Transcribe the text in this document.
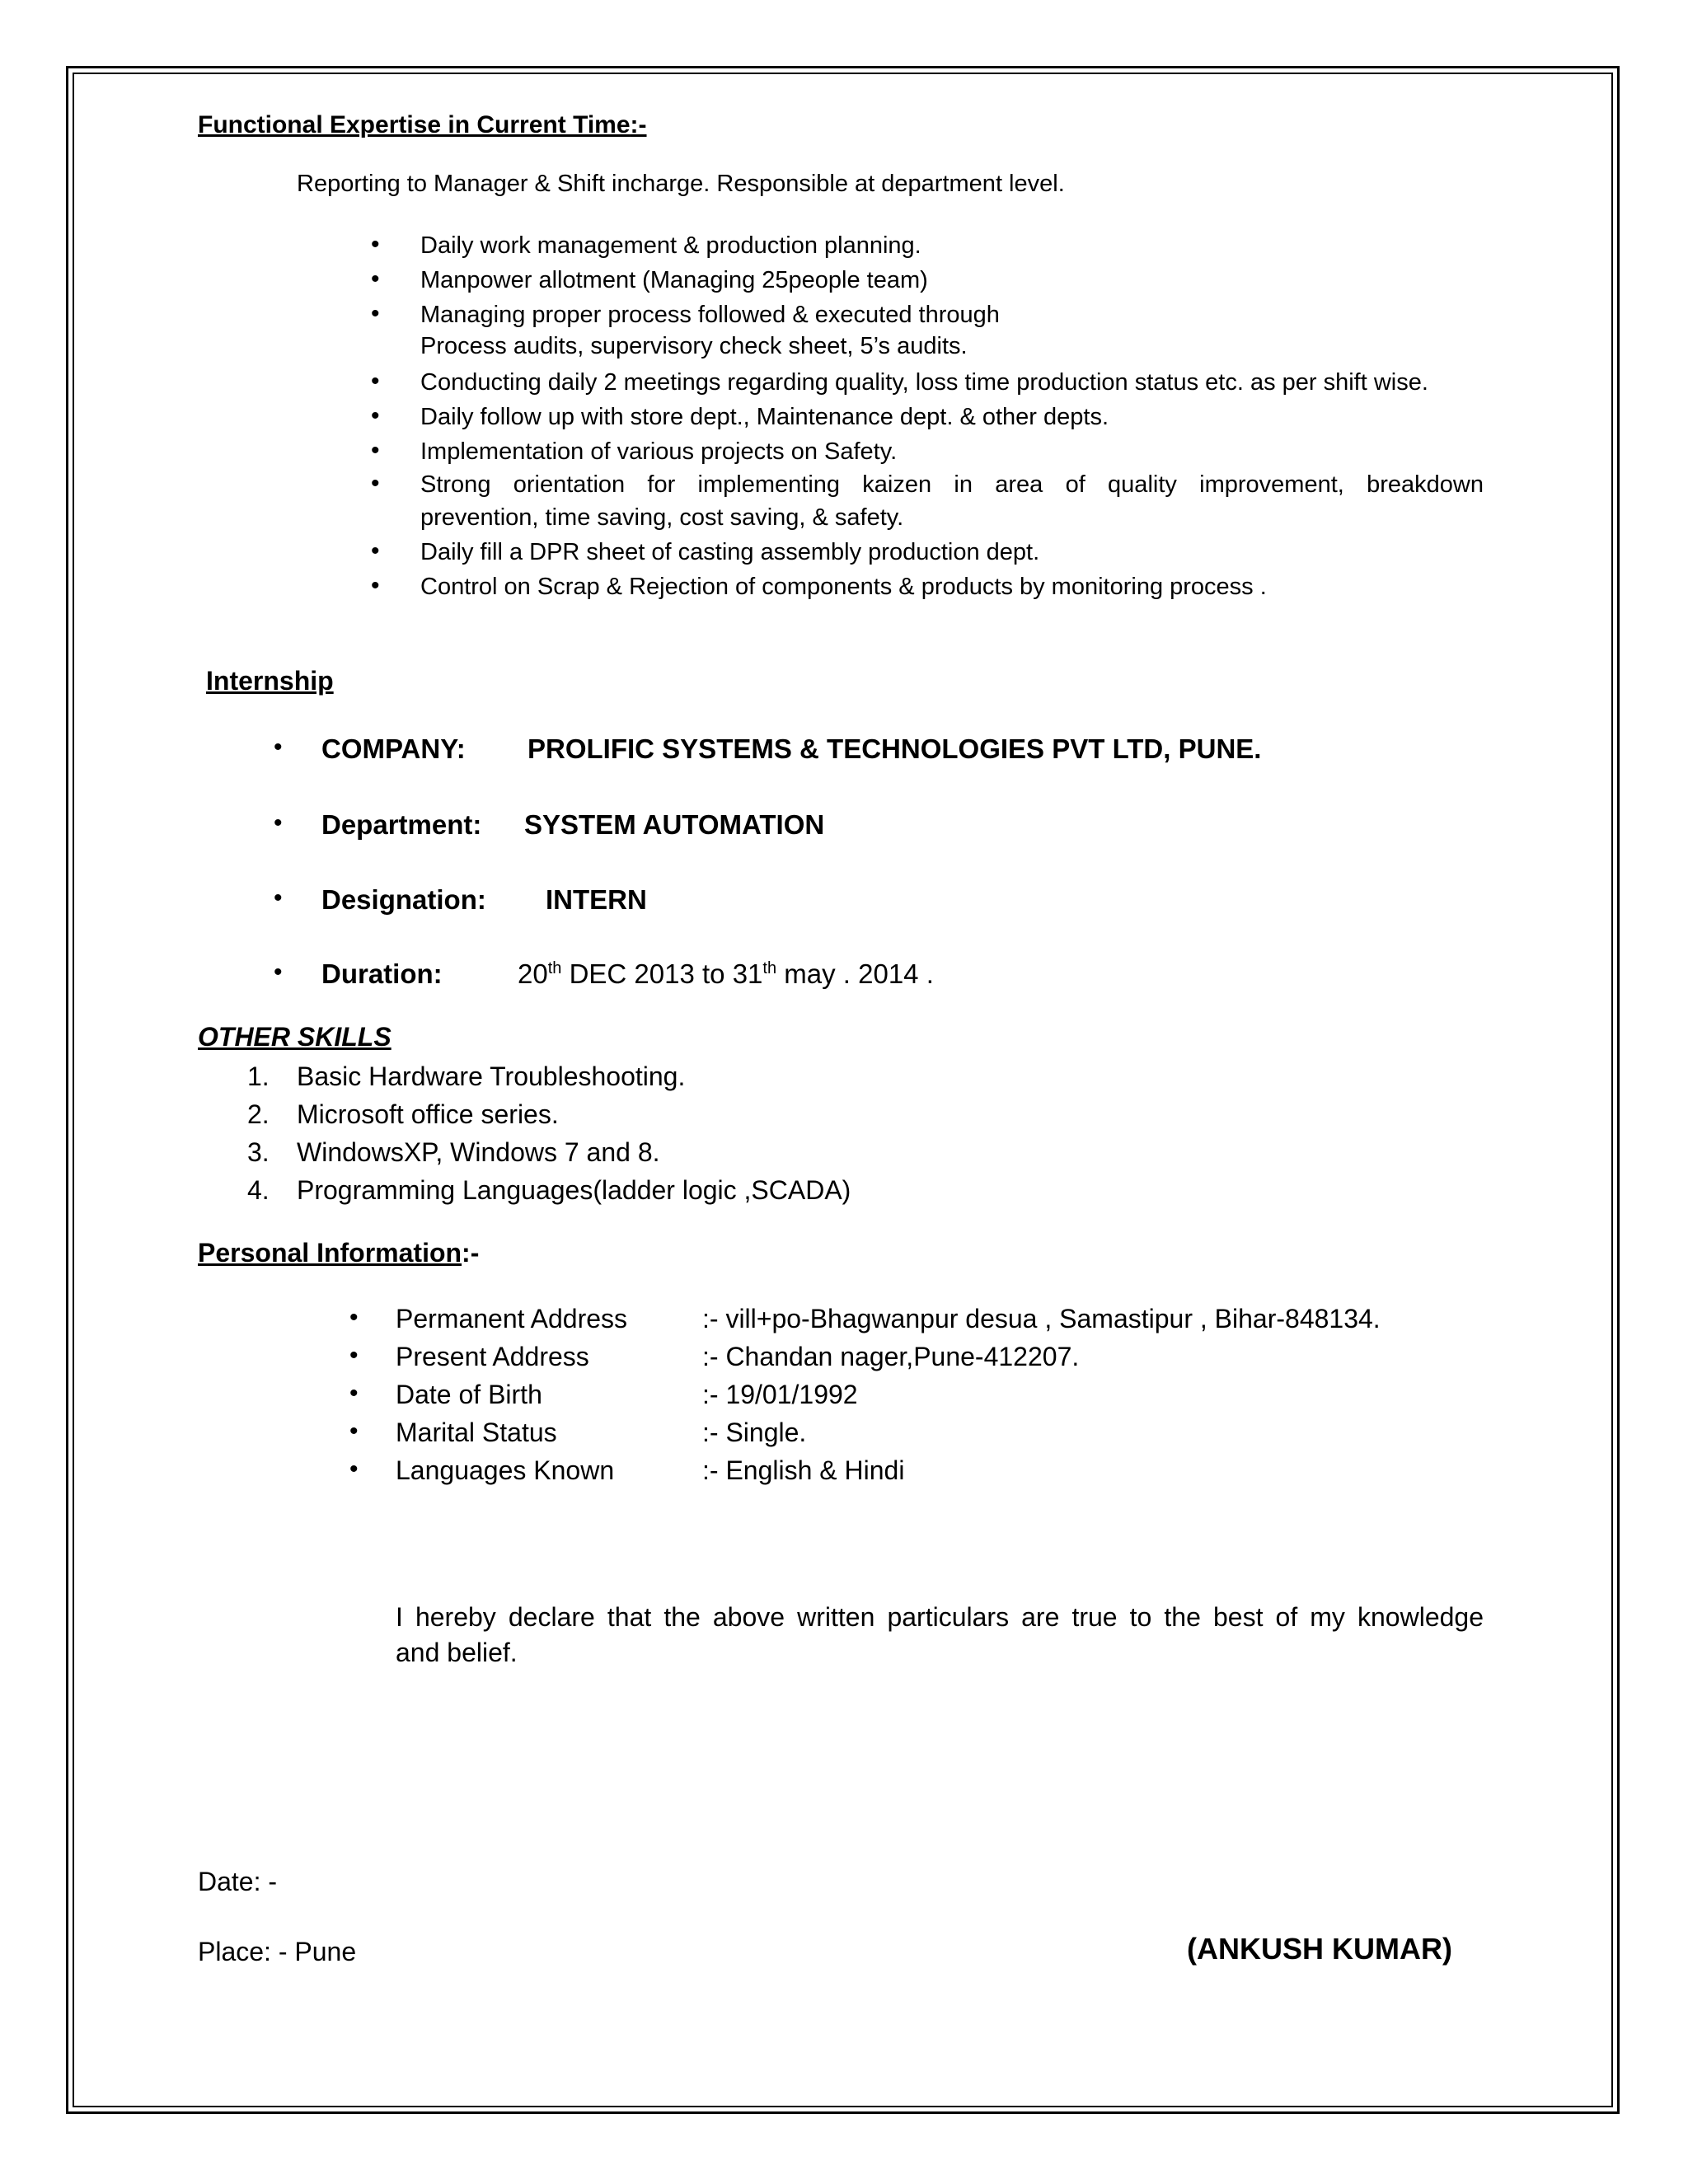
Functional Expertise in Current Time:-
Reporting to Manager & Shift incharge. Responsible at department level.
• Daily work management & production planning.
• Manpower allotment (Managing 25people team)
• Managing proper process followed & executed through
Process audits, supervisory check sheet, 5’s audits.
• Conducting daily 2 meetings regarding quality, loss time production status etc. as per shift wise.
• Daily follow up with store dept., Maintenance dept. & other depts.
• Implementation of various projects on Safety.
• Strong orientation for implementing kaizen in area of quality improvement, breakdown
prevention, time saving, cost saving, & safety.
• Daily fill a DPR sheet of casting assembly production dept.
• Control on Scrap & Rejection of components & products by monitoring process .
Internship
• COMPANY: PROLIFIC SYSTEMS & TECHNOLOGIES PVT LTD, PUNE.
• Department: SYSTEM AUTOMATION
• Designation: INTERN
• Duration:	20th DEC 2013 to 31th may . 2014 .
OTHER SKILLS
1. Basic Hardware Troubleshooting.
2. Microsoft office series.
3. WindowsXP, Windows 7 and 8.
4. Programming Languages(ladder logic ,SCADA)
Personal Information:-
• Permanent Address	:- vill+po-Bhagwanpur desua , Samastipur , Bihar-848134.
• Present Address	:- Chandan nager,Pune-412207.
• Date of Birth	:- 19/01/1992
• Marital Status	:- Single.
• Languages Known	:- English & Hindi
I hereby declare that the above written particulars are true to the best of my knowledge
and belief.
Date: -
Place: - Pune	(ANKUSH KUMAR)
